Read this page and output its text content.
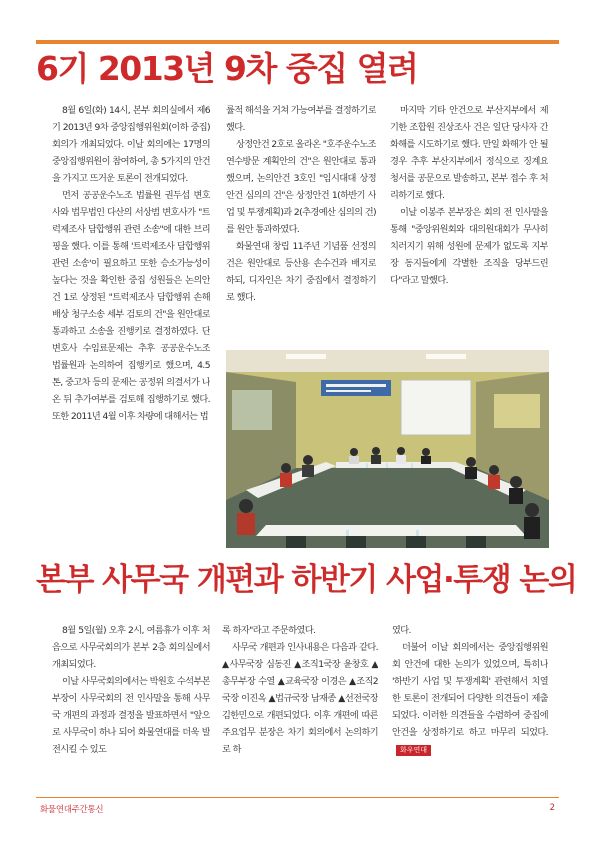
6기 2013년 9차 중집 열려

8월 6일(화) 14시, 본부 회의실에서 제6기 2013년 9차 중앙집행위원회(이하 중집) 회의가 개최되었다. 이날 회의에는 17명의 중앙집행위원이 참여하여, 총 5가지의 안건을 가지고 뜨거운 토론이 전개되었다.

먼저 공공운수노조 법률원 권두섭 변호사와 법무법인 다산의 서상범 변호사가 "트럭제조사 담합행위 관련 소송"에 대한 브리핑을 했다. 이를 통해 '트럭제조사 담합행위 관련 소송'이 필요하고 또한 승소가능성이 높다는 것을 확인한 중집 성원들은 논의안건 1로 상정된 "트럭제조사 담합행위 손해배상 청구소송 세부 검토의 건"을 원안대로 통과하고 소송을 진행키로 결정하였다. 단 변호사 수임료문제는 추후 공공운수노조 법률원과 논의하여 집행키로 했으며, 4.5톤, 중고차 등의 문제는 공정위 의결서가 나온 뒤 추가여부를 검토해 집행하기로 했다. 또한 2011년 4월 이후 차량에 대해서는 법

률적 해석을 거쳐 가능여부를 결정하기로 했다.

상정안건 2호로 올라온 "호주운수노조 연수방문 계획안의 건"은 원안대로 통과했으며, 논의안건 3호인 "임시대대 상정안건 심의의 건"은 상정안건 1(하반기 사업 및 투쟁계획)과 2(추경예산 심의의 건)를 원안 통과하였다.

화물연대 창립 11주년 기념품 선정의 건은 원안대로 등산용 손수건과 배지로 하되, 디자인은 차기 중집에서 결정하기로 했다.

마지막 기타 안건으로 부산지부에서 제기한 조합원 진상조사 건은 일단 당사자 간 화해를 시도하기로 했다. 만일 화해가 안 될 경우 추후 부산지부에서 정식으로 징계요청서를 공문으로 발송하고, 본부 접수 후 처리하기로 했다.

이날 이봉주 본부장은 회의 전 인사말을 통해 "중앙위원회와 대의원대회가 무사히 치러지기 위해 성원에 문제가 없도록 지부장 동지들에게 각별한 조직을 당부드린다"라고 말했다.

본부 사무국 개편과 하반기 사업·투쟁 논의

8월 5일(월) 오후 2시, 여름휴가 이후 처음으로 사무국회의가 본부 2층 회의실에서 개최되었다.

이날 사무국회의에서는 박원호 수석부본부장이 사무국회의 전 인사말을 통해 사무국 개편의 과정과 결정을 발표하면서 "앞으로 사무국이 하나 되어 화물연대를 더욱 발전시킬 수 있도

록 하자"라고 주문하였다.

사무국 개편과 인사내용은 다음과 같다. ▲사무국장 심동진 ▲조직1국장 윤창호 ▲총무부장 수열 ▲교육국장 이경은 ▲조직2국장 이진옥 ▲법규국장 남재종 ▲선전국장 김한민으로 개편되었다. 이후 개편에 따른 주요업무 분장은 차기 회의에서 논의하기로 하

였다.

더불어 이날 회의에서는 중앙집행위원회 안건에 대한 논의가 있었으며, 특히나 '하반기 사업 및 투쟁계획' 관련해서 치열한 토론이 전개되어 다양한 의견들이 제출되었다. 이러한 의견들을 수렴하여 중집에 안건을 상정하기로 하고 마무리 되었다.화우연대

화물연대주간통신	2
